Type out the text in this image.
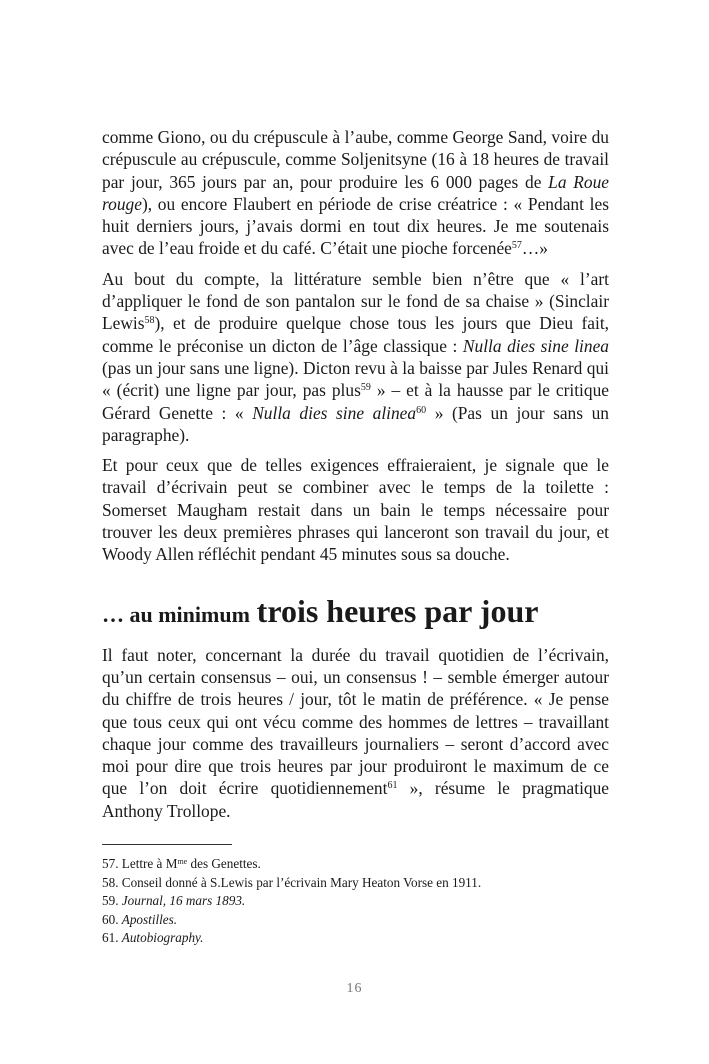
comme Giono, ou du crépuscule à l’aube, comme George Sand, voire du crépuscule au crépuscule, comme Soljenitsyne (16 à 18 heures de travail par jour, 365 jours par an, pour produire les 6 000 pages de La Roue rouge), ou encore Flaubert en période de crise créatrice : « Pendant les huit derniers jours, j’avais dormi en tout dix heures. Je me soutenais avec de l’eau froide et du café. C’était une pioche forcenée$^{57}$…»

Au bout du compte, la littérature semble bien n’être que « l’art d’appliquer le fond de son pantalon sur le fond de sa chaise » (Sinclair Lewis$^{58}$), et de produire quelque chose tous les jours que Dieu fait, comme le préconise un dicton de l’âge classique : Nulla dies sine linea (pas un jour sans une ligne). Dicton revu à la baisse par Jules Renard qui « (écrit) une ligne par jour, pas plus$^{59}$ » – et à la hausse par le critique Gérard Genette : « Nulla dies sine alinea$^{60}$ » (Pas un jour sans un paragraphe).

Et pour ceux que de telles exigences effraieraient, je signale que le travail d’écrivain peut se combiner avec le temps de la toilette : Somerset Maugham restait dans un bain le temps nécessaire pour trouver les deux premières phrases qui lanceront son travail du jour, et Woody Allen réfléchit pendant 45 minutes sous sa douche.

… au minimum trois heures par jour

Il faut noter, concernant la durée du travail quotidien de l’écrivain, qu’un certain consensus – oui, un consensus ! – semble émerger autour du chiffre de trois heures / jour, tôt le matin de préférence. « Je pense que tous ceux qui ont vécu comme des hommes de lettres – travaillant chaque jour comme des travailleurs journaliers – seront d’accord avec moi pour dire que trois heures par jour produiront le maximum de ce que l’on doit écrire quotidiennement$^{61}$ », résume le pragmatique Anthony Trollope.

57. Lettre à $M^{me}$ des Genettes.

58. Conseil donné à S.Lewis par l’écrivain Mary Heaton Vorse en 1911.

59. Journal, 16 mars 1893.

60. Apostilles.

61. Autobiography.

16
